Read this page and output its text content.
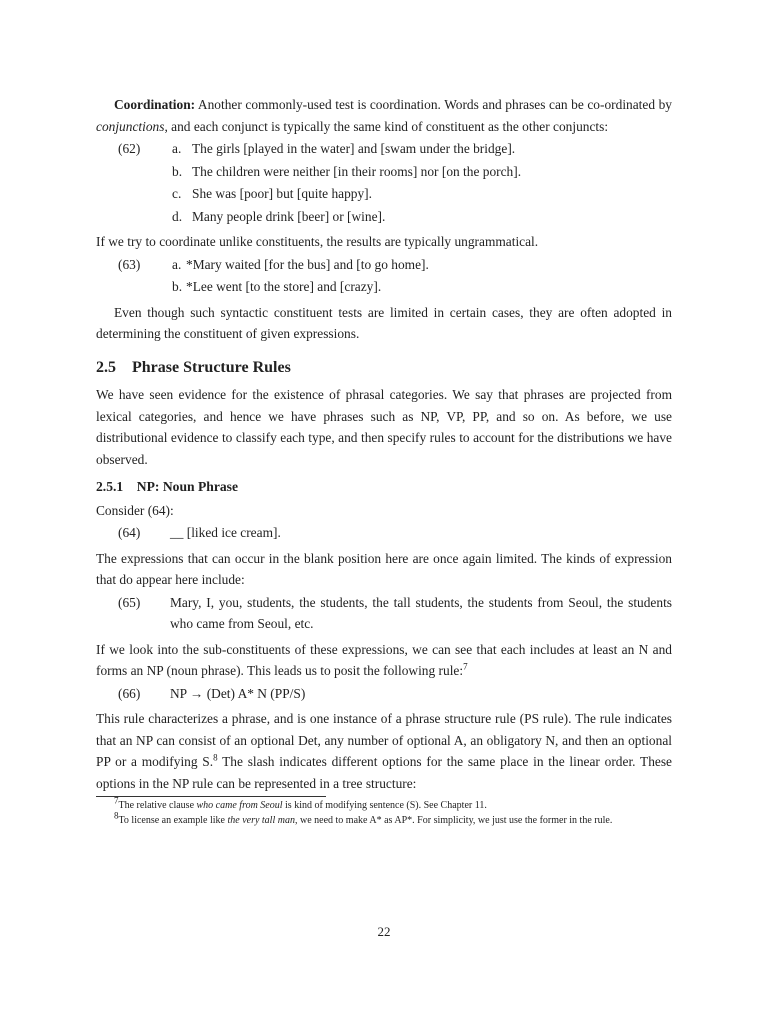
Coordination: Another commonly-used test is coordination. Words and phrases can be co-ordinated by conjunctions, and each conjunct is typically the same kind of constituent as the other conjuncts:

(62)	a. The girls [played in the water] and [swam under the bridge].
b. The children were neither [in their rooms] nor [on the porch].
c. She was [poor] but [quite happy].
d. Many people drink [beer] or [wine].

If we try to coordinate unlike constituents, the results are typically ungrammatical.

(63)	a. *Mary waited [for the bus] and [to go home].
b. *Lee went [to the store] and [crazy].

Even though such syntactic constituent tests are limited in certain cases, they are often adopted in determining the constituent of given expressions.

2.5 Phrase Structure Rules

We have seen evidence for the existence of phrasal categories. We say that phrases are projected from lexical categories, and hence we have phrases such as NP, VP, PP, and so on. As before, we use distributional evidence to classify each type, and then specify rules to account for the distributions we have observed.

2.5.1 NP: Noun Phrase

Consider (64):

(64)	__ [liked ice cream].

The expressions that can occur in the blank position here are once again limited. The kinds of expression that do appear here include:

(65)	Mary, I, you, students, the students, the tall students, the students from Seoul, the students who came from Seoul, etc.

If we look into the sub-constituents of these expressions, we can see that each includes at least an N and forms an NP (noun phrase). This leads us to posit the following rule:$^7$

(66)	NP → (Det) A* N (PP/S)

This rule characterizes a phrase, and is one instance of a phrase structure rule (PS rule). The rule indicates that an NP can consist of an optional Det, any number of optional A, an obligatory N, and then an optional PP or a modifying S.$^8$ The slash indicates different options for the same place in the linear order. These options in the NP rule can be represented in a tree structure:

$^7$The relative clause who came from Seoul is kind of modifying sentence (S). See Chapter 11.

$^8$To license an example like the very tall man, we need to make A* as AP*. For simplicity, we just use the former in the rule.

22
